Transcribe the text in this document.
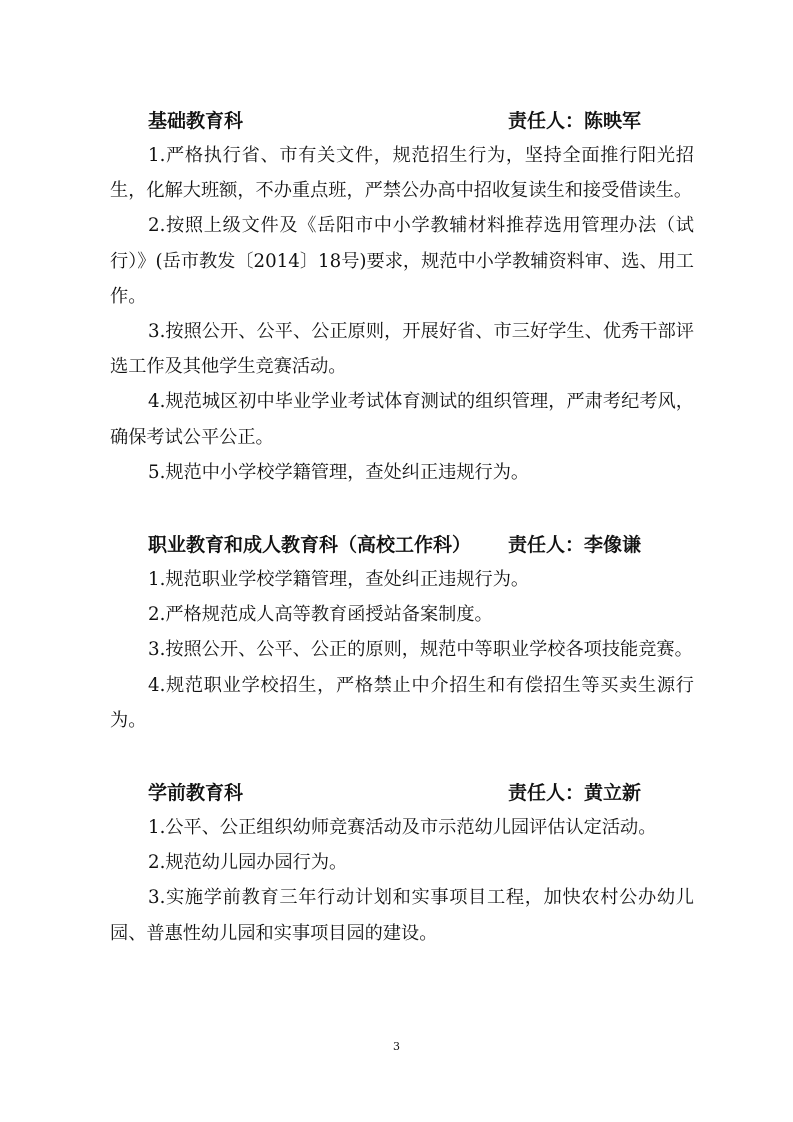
基础教育科	责任人：陈映军

1.严格执行省、市有关文件，规范招生行为，坚持全面推行阳光招生，化解大班额，不办重点班，严禁公办高中招收复读生和接受借读生。

2.按照上级文件及《岳阳市中小学教辅材料推荐选用管理办法（试行）》(岳市教发〔2014〕18号)要求，规范中小学教辅资料审、选、用工作。

3.按照公开、公平、公正原则，开展好省、市三好学生、优秀干部评选工作及其他学生竞赛活动。

4.规范城区初中毕业学业考试体育测试的组织管理，严肃考纪考风，确保考试公平公正。

5.规范中小学校学籍管理，查处纠正违规行为。

职业教育和成人教育科（高校工作科） 责任人：李像谦

1.规范职业学校学籍管理，查处纠正违规行为。

2.严格规范成人高等教育函授站备案制度。

3.按照公开、公平、公正的原则，规范中等职业学校各项技能竞赛。

4.规范职业学校招生，严格禁止中介招生和有偿招生等买卖生源行为。

学前教育科	责任人：黄立新

1.公平、公正组织幼师竞赛活动及市示范幼儿园评估认定活动。

2.规范幼儿园办园行为。

3.实施学前教育三年行动计划和实事项目工程，加快农村公办幼儿园、普惠性幼儿园和实事项目园的建设。

3
